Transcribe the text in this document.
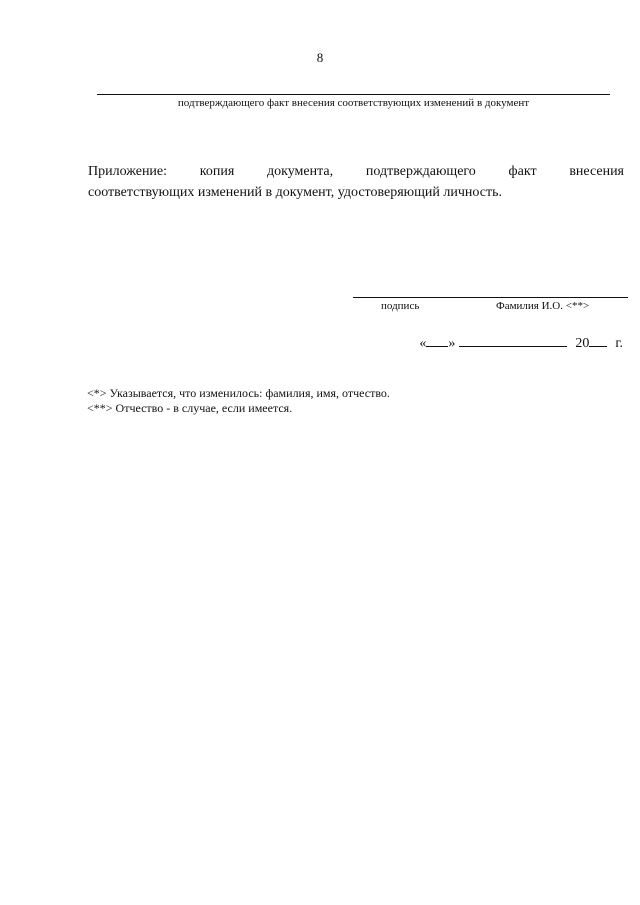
8
подтверждающего факт внесения соответствующих изменений в документ
Приложение: копия документа, подтверждающего факт внесения
соответствующих изменений в документ, удостоверяющий личность.
подпись	Фамилия И.О. <**>
« »	20 г.
<*> Указывается, что изменилось: фамилия, имя, отчество.
<**> Отчество - в случае, если имеется.
